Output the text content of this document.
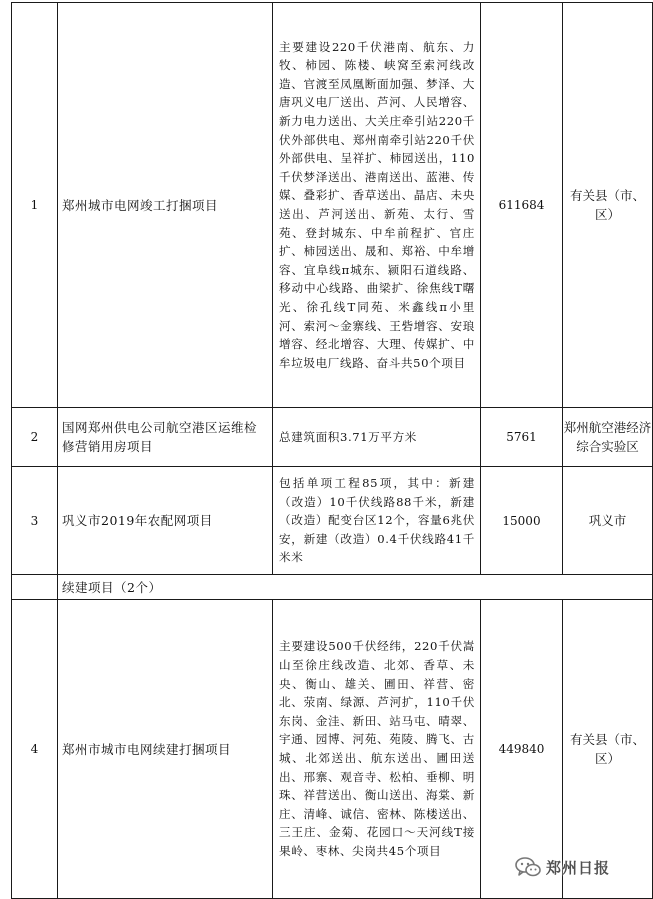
1	郑州城市电网竣工打捆项目	主要建设220千伏港南、航东、力牧、柿园、陈楼、峡窝至索河线改造、官渡至凤凰断面加强、梦泽、大唐巩义电厂送出、芦河、人民增容、新力电力送出、大关庄牵引站220千伏外部供电、郑州南牵引站220千伏外部供电、呈祥扩、柿园送出，110千伏梦泽送出、港南送出、蓝港、传媒、叠彩扩、香草送出、晶店、未央送出、芦河送出、新苑、太行、雪苑、登封城东、中牟前程扩、官庄扩、柿园送出、晟和、郑裕、中牟增容、宜阜线π城东、颍阳石道线路、移动中心线路、曲梁扩、徐焦线T曙光、徐孔线T同苑、米鑫线π小里河、索河～金寨线、王砦增容、安琅增容、经北增容、大理、传媒扩、中牟垃圾电厂线路、奋斗共50个项目	611684	有关县（市、区）
2	国网郑州供电公司航空港区运维检修营销用房项目	总建筑面积3.71万平方米	5761	郑州航空港经济综合实验区
3	巩义市2019年农配网项目	包括单项工程85项，其中：新建（改造）10千伏线路88千米，新建（改造）配变台区12个，容量6兆伏安，新建（改造）0.4千伏线路41千米米	15000	巩义市
	续建项目（2个）			
4	郑州市城市电网续建打捆项目	主要建设500千伏经纬，220千伏嵩山至徐庄线改造、北郊、香草、未央、衡山、雄关、圃田、祥营、密北、荥南、绿源、芦河扩，110千伏东岗、金洼、新田、站马屯、晴翠、宇通、园博、河苑、苑陵、腾飞、古城、北郊送出、航东送出、圃田送出、邢寨、观音寺、松柏、垂柳、明珠、祥营送出、衡山送出、海棠、新庄、清峰、诚信、密林、陈楼送出、三王庄、金菊、花园口～天河线T接果岭、枣林、尖岗共45个项目	449840	有关县（市、区）
郑州日报
